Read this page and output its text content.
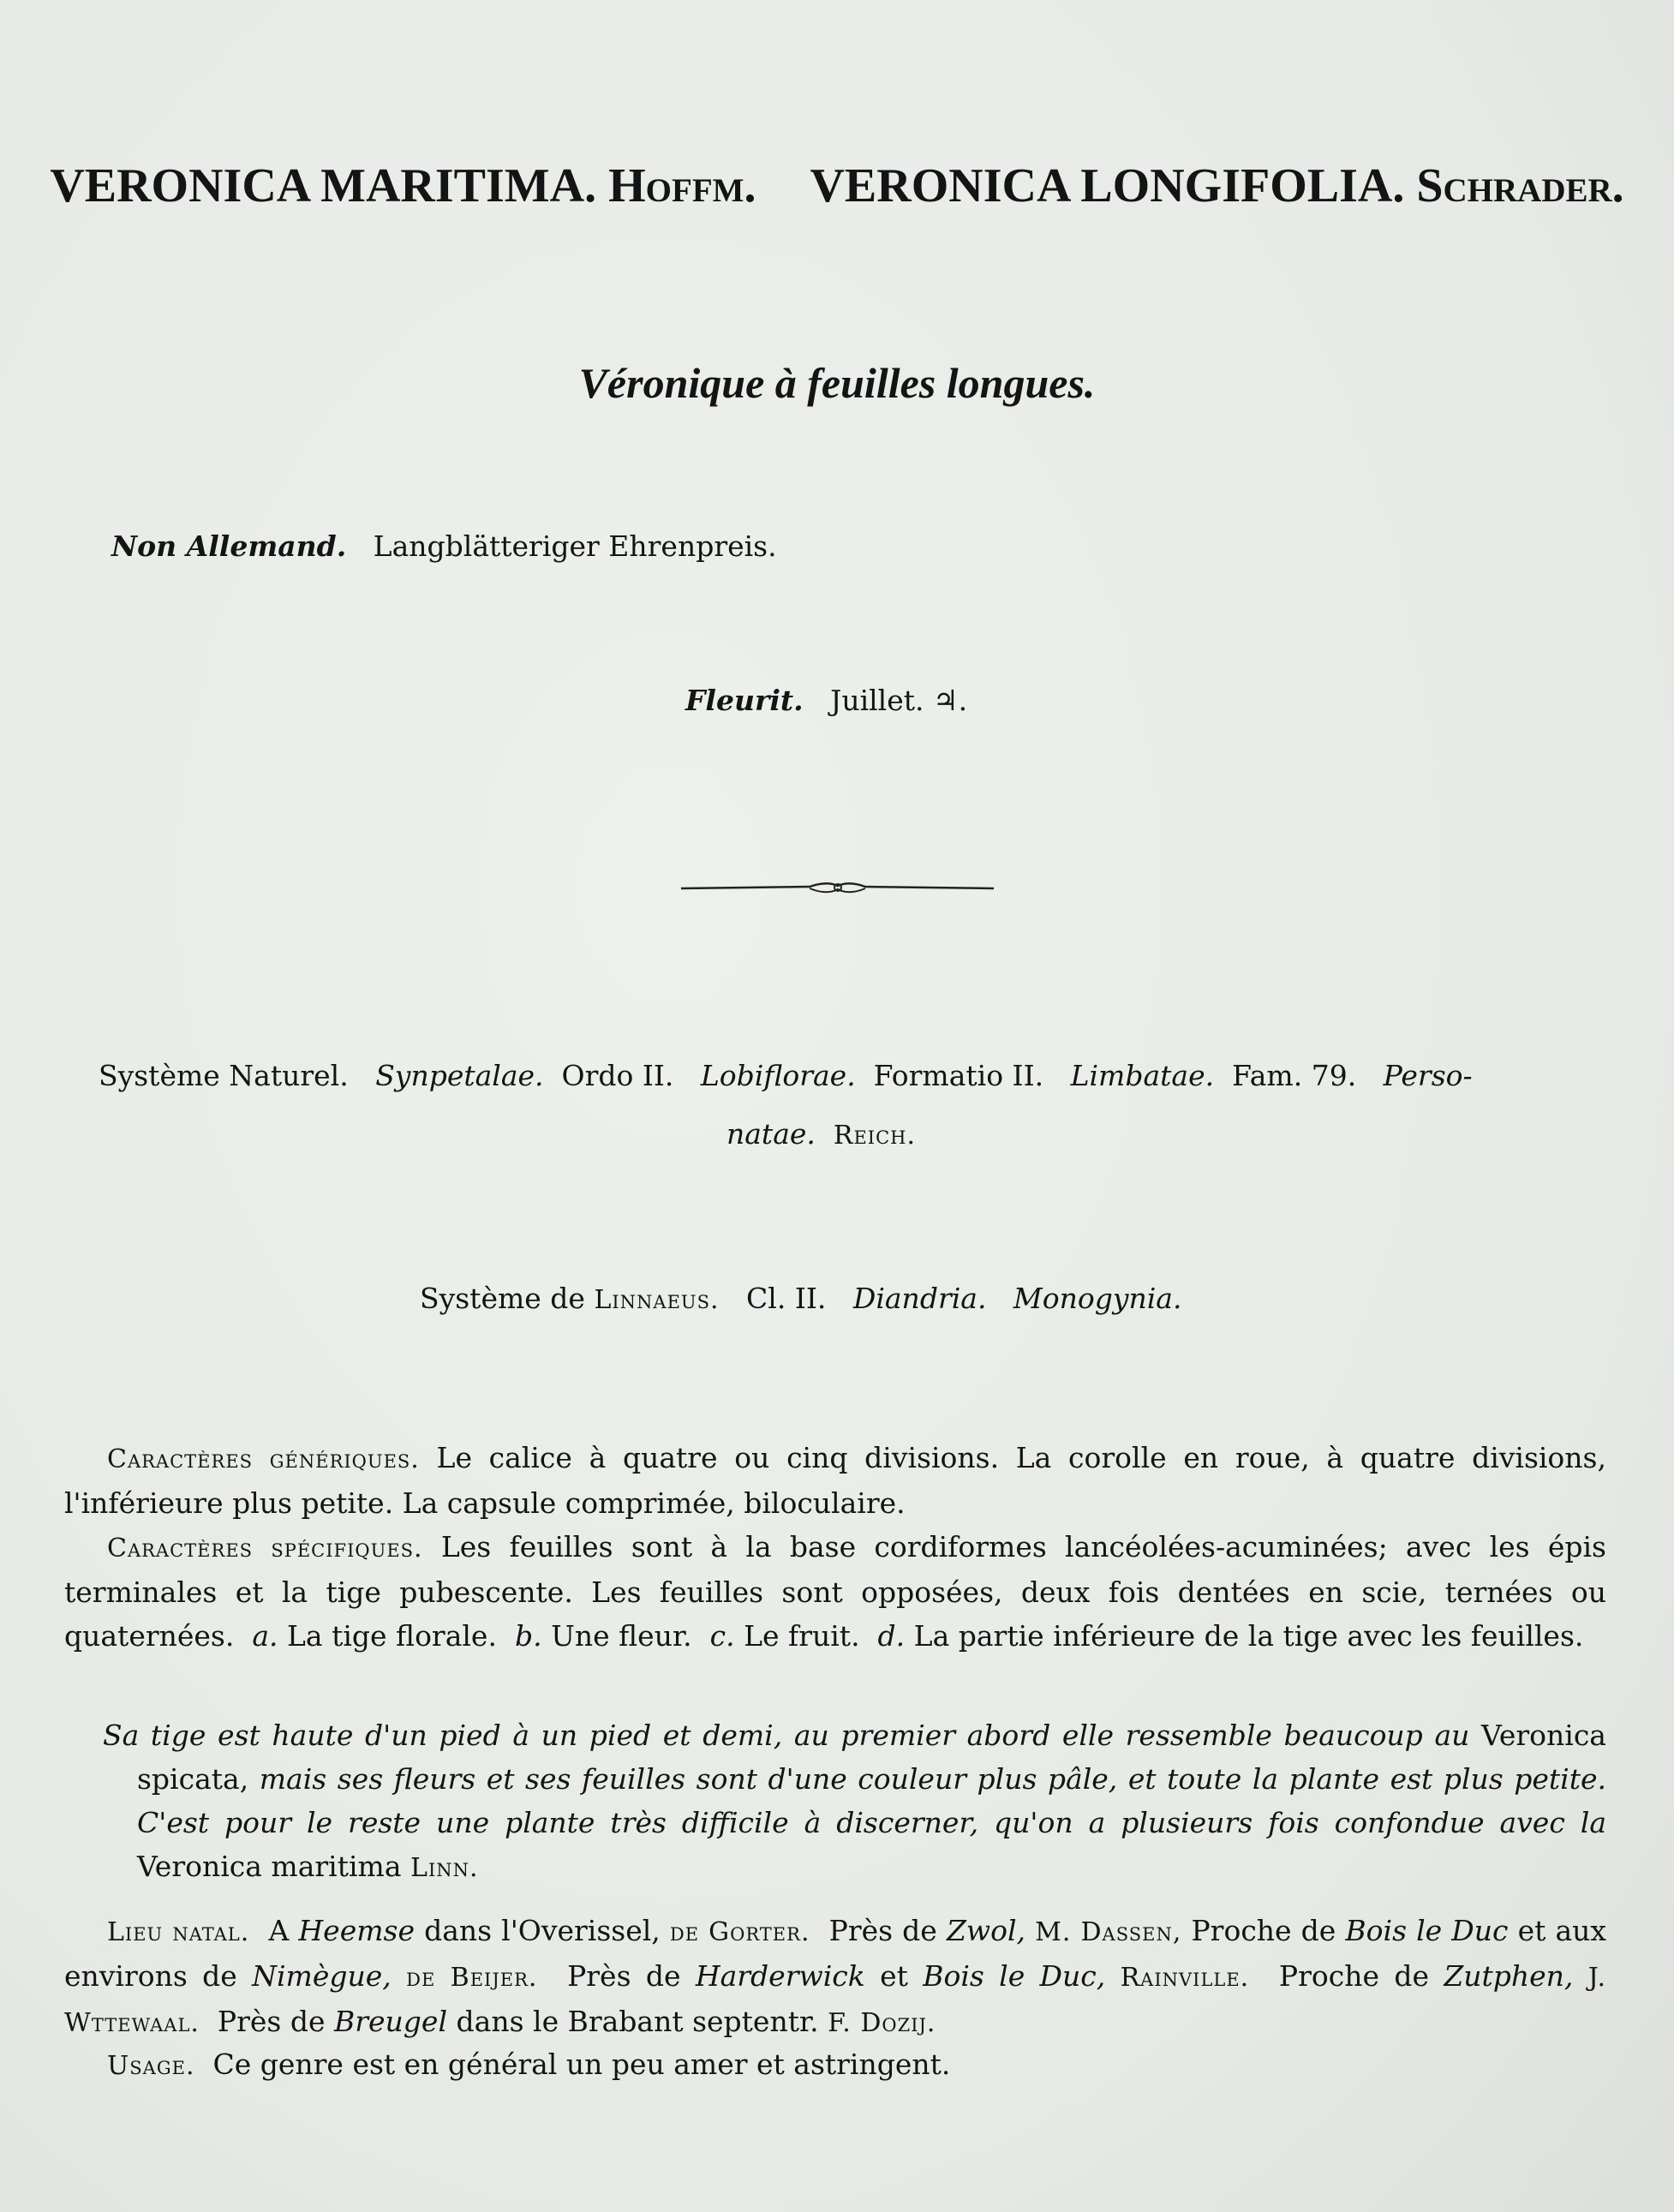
VERONICA MARITIMA. Hoffm. VERONICA LONGIFOLIA. Schrader.
Véronique à feuilles longues.
Non Allemand. Langblätteriger Ehrenpreis.
Fleurit. Juillet. ♃.
Système Naturel. Synpetalae. Ordo II. Lobiflorae. Formatio II. Limbatae. Fam. 79. Perso-
natae. Reich.
Système de Linnaeus. Cl. II. Diandria. Monogynia.
Caractères génériques. Le calice à quatre ou cinq divisions. La corolle en roue, à quatre divisions, l'inférieure plus petite. La capsule comprimée, biloculaire.
Caractères spécifiques. Les feuilles sont à la base cordiformes lancéolées-acuminées; avec les épis terminales et la tige pubescente. Les feuilles sont opposées, deux fois dentées en scie, ternées ou quaternées. a. La tige florale. b. Une fleur. c. Le fruit. d. La partie inférieure de la tige avec les feuilles.
Sa tige est haute d'un pied à un pied et demi, au premier abord elle ressemble beaucoup au Veronica spicata, mais ses fleurs et ses feuilles sont d'une couleur plus pâle, et toute la plante est plus petite. C'est pour le reste une plante très difficile à discerner, qu'on a plusieurs fois confondue avec la Veronica maritima Linn.
Lieu natal. A Heemse dans l'Overissel, de Gorter. Près de Zwol, M. Dassen, Proche de Bois le Duc et aux environs de Nimègue, de Beijer. Près de Harderwick et Bois le Duc, Rainville. Proche de Zutphen, J. Wttewaal. Près de Breugel dans le Brabant septentr. F. Dozij.
Usage. Ce genre est en général un peu amer et astringent.
